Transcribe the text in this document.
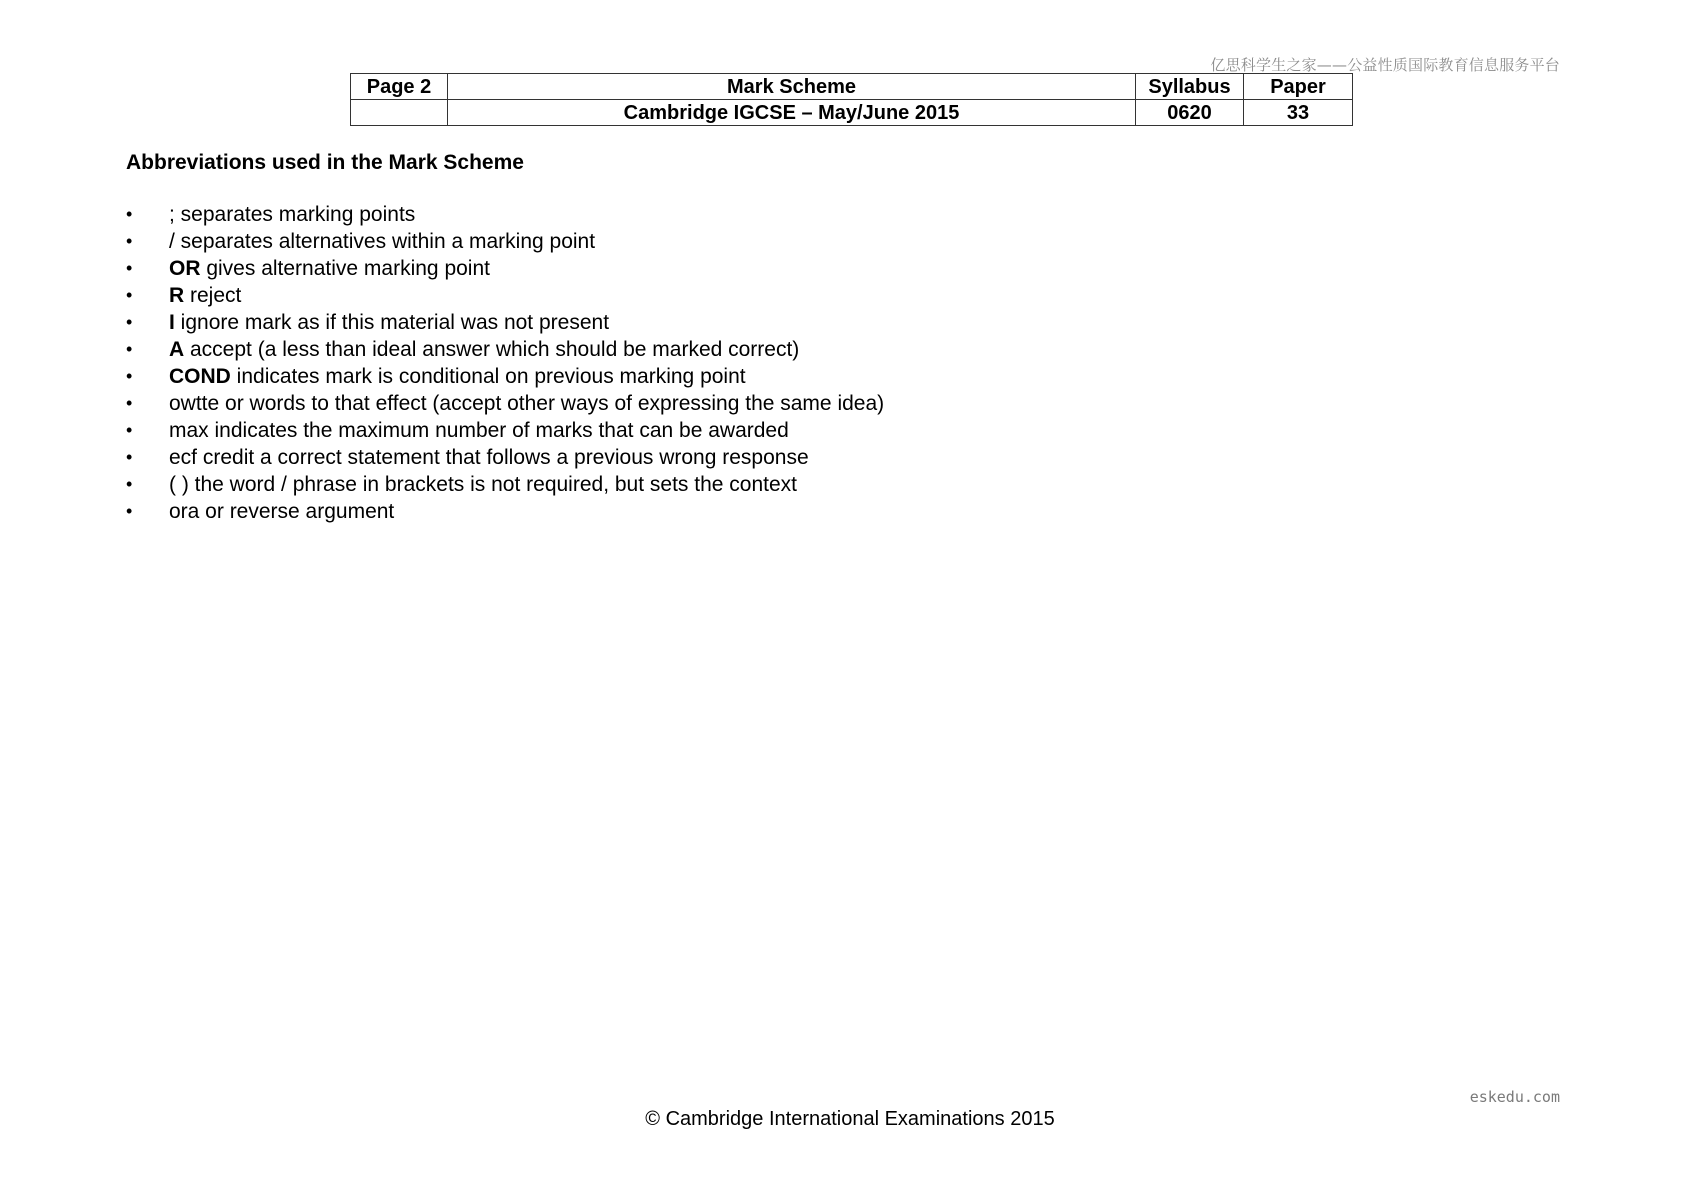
亿思科学生之家——公益性质国际教育信息服务平台
Page 2	Mark Scheme	Syllabus	Paper
	Cambridge IGCSE – May/June 2015	0620	33
Abbreviations used in the Mark Scheme
•	; separates marking points
•	/ separates alternatives within a marking point
•	OR gives alternative marking point
•	R reject
•	I ignore mark as if this material was not present
•	A accept (a less than ideal answer which should be marked correct)
•	COND indicates mark is conditional on previous marking point
•	owtte or words to that effect (accept other ways of expressing the same idea)
•	max indicates the maximum number of marks that can be awarded
•	ecf credit a correct statement that follows a previous wrong response
•	( ) the word / phrase in brackets is not required, but sets the context
•	ora or reverse argument
eskedu.com
© Cambridge International Examinations 2015
